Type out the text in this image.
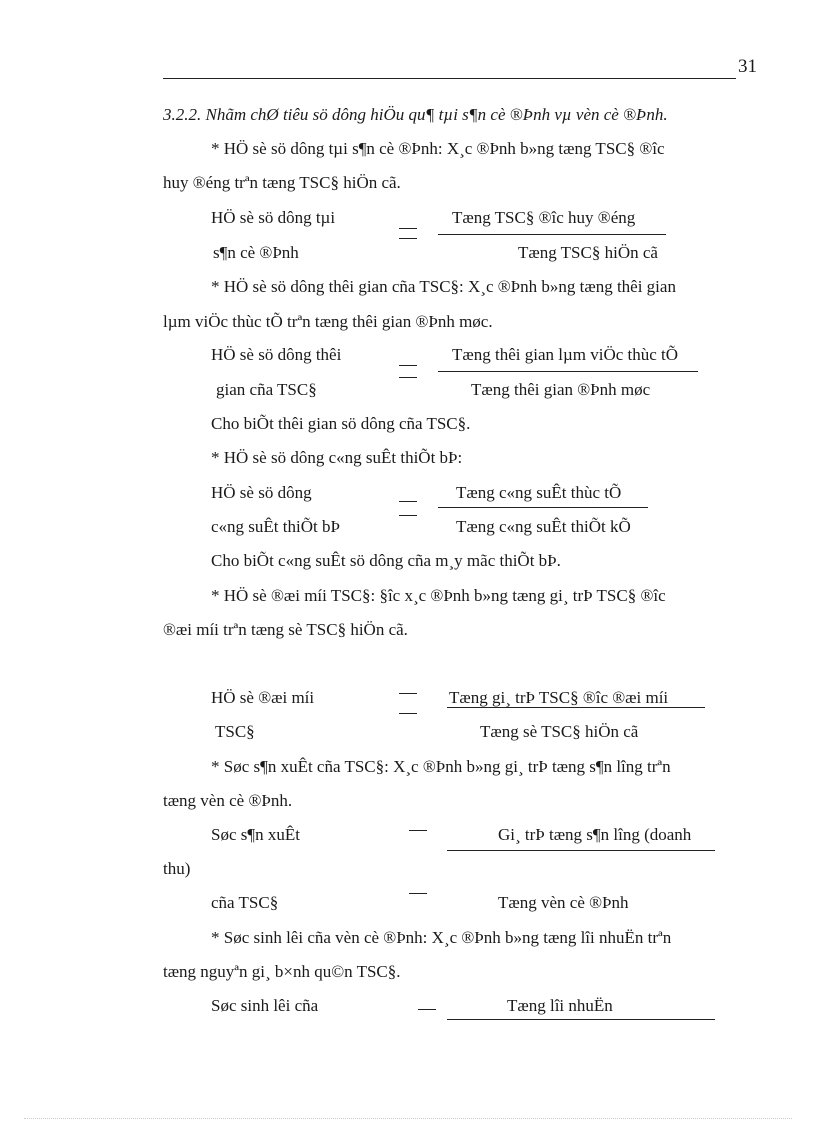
31
3.2.2. Nhãm chØ tiêu sö dông hiÖu qu¶ tµi s¶n cè ®Þnh vµ vèn cè ®Þnh.
* HÖ sè sö dông tµi s¶n cè ®Þnh: X¸c ®Þnh b»ng tæng TSC§ ®îc
huy ®éng trªn tæng TSC§ hiÖn cã.
HÖ sè sö dông tµi	Tæng TSC§ ®îc huy ®éng
s¶n cè ®Þnh	Tæng TSC§ hiÖn cã
* HÖ sè sö dông thêi gian cña TSC§: X¸c ®Þnh b»ng tæng thêi gian
lµm viÖc thùc tÕ trªn tæng thêi gian ®Þnh møc.
HÖ sè sö dông thêi	Tæng thêi gian lµm viÖc thùc tÕ
gian cña TSC§	Tæng thêi gian ®Þnh møc
Cho biÕt thêi gian sö dông cña TSC§.
* HÖ sè sö dông c«ng suÊt thiÕt bÞ:
HÖ sè sö dông	Tæng c«ng suÊt thùc tÕ
c«ng suÊt thiÕt bÞ	Tæng c«ng suÊt thiÕt kÕ
Cho biÕt c«ng suÊt sö dông cña m¸y mãc thiÕt bÞ.
* HÖ sè ®æi míi TSC§: §îc x¸c ®Þnh b»ng tæng gi¸ trÞ TSC§ ®îc
®æi míi trªn tæng sè TSC§ hiÖn cã.
HÖ sè ®æi míi	Tæng gi¸ trÞ TSC§ ®îc ®æi míi
TSC§	Tæng sè TSC§ hiÖn cã
* Søc s¶n xuÊt cña TSC§: X¸c ®Þnh b»ng gi¸ trÞ tæng s¶n lîng trªn
tæng vèn cè ®Þnh.
Søc s¶n xuÊt	Gi¸ trÞ tæng s¶n lîng (doanh
thu)
cña TSC§	Tæng vèn cè ®Þnh
* Søc sinh lêi cña vèn cè ®Þnh: X¸c ®Þnh b»ng tæng lîi nhuËn trªn
tæng nguyªn gi¸ b×nh qu©n TSC§.
Søc sinh lêi cña	Tæng lîi nhuËn
